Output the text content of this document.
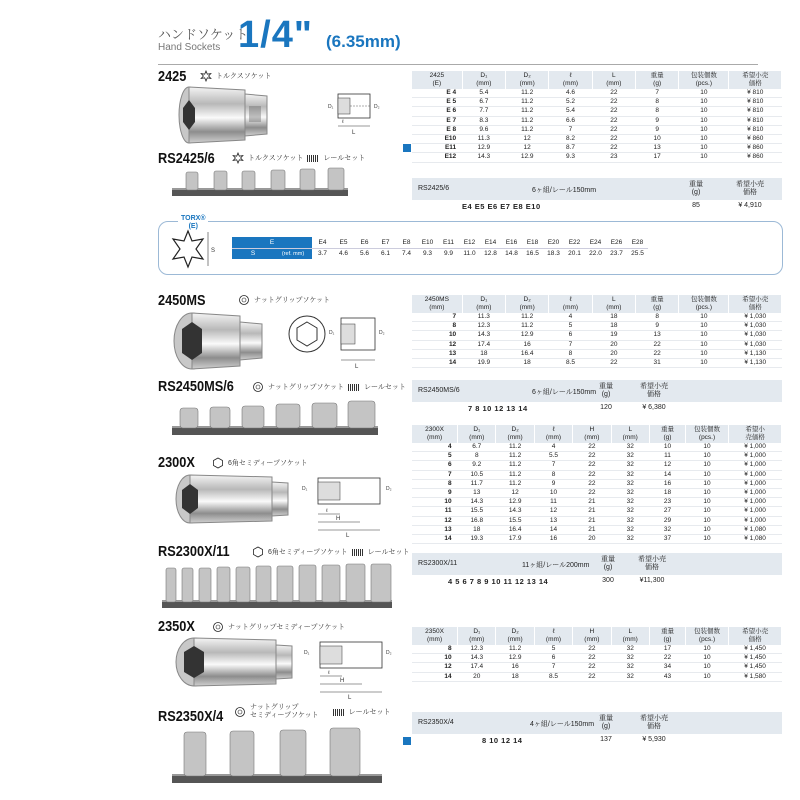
ハンドソケット
Hand Sockets 1/4" (6.35mm)
2425	トルクスソケット
L
ℓ
D₁	D₂
2425
(E)	D₁
(mm)	D₂
(mm)	ℓ
(mm)	L
(mm)	重量
(g)	包装個数
(pcs.)	希望小売
価格
E 4	5.4	11.2	4.6	22	7	10	¥ 810
E 5	6.7	11.2	5.2	22	8	10	¥ 810
E 6	7.7	11.2	5.4	22	8	10	¥ 810
E 7	8.3	11.2	6.6	22	9	10	¥ 810
E 8	9.6	11.2	7	22	9	10	¥ 810
E10	11.3	12	8.2	22	10	10	¥ 860
E11	12.9	12	8.7	22	13	10	¥ 860
E12	14.3	12.9	9.3	23	17	10	¥ 860
RS2425/6	トルクスソケット	レールセット
RS2425/6	6ヶ組/レール150mm
重量
(g)
希望小売
価格
E4 E5 E6 E7 E8 E10	85	¥ 4,910
TORX®
(E)
S
E		E4	E5	E6	E7	E8	E10	E11	E12	E14	E16	E18	E20	E22	E24	E26	E28
S	(ref. mm)	3.7	4.6	5.6	6.1	7.4	9.3	9.9	11.0	12.8	14.8	16.5	18.3	20.1	22.0	23.7	25.5
2450MS	ナットグリップソケット
L
D₂
D₁
2450MS
(mm)	D₁
(mm)	D₂
(mm)	ℓ
(mm)	L
(mm)	重量
(g)	包装個数
(pcs.)	希望小売
価格
7	11.3	11.2	4	18	8	10	¥ 1,030
8	12.3	11.2	5	18	9	10	¥ 1,030
10	14.3	12.9	6	19	13	10	¥ 1,030
12	17.4	16	7	20	22	10	¥ 1,030
13	18	16.4	8	20	22	10	¥ 1,130
14	19.9	18	8.5	22	31	10	¥ 1,130
RS2450MS/6	ナットグリップソケット	レールセット RS2450MS/6	6ヶ組/レール150mm
重量
(g)
希望小売
価格
7 8 10 12 13 14	120	¥ 6,380
2300X	6角セミディープソケット
ℓ
H
L
D₁	D₂
2300X
(mm)	D₁
(mm)	D₂
(mm)	ℓ
(mm)	H
(mm)	L
(mm)	重量
(g)	包装個数
(pcs.)	希望小
売価格
4	6.7	11.2	4	22	32	10	10	¥ 1,000
5	8	11.2	5.5	22	32	11	10	¥ 1,000
6	9.2	11.2	7	22	32	12	10	¥ 1,000
7	10.5	11.2	8	22	32	14	10	¥ 1,000
8	11.7	11.2	9	22	32	16	10	¥ 1,000
9	13	12	10	22	32	18	10	¥ 1,000
10	14.3	12.9	11	21	32	23	10	¥ 1,000
11	15.5	14.3	12	21	32	27	10	¥ 1,000
12	16.8	15.5	13	21	32	29	10	¥ 1,000
13	18	16.4	14	21	32	32	10	¥ 1,080
14	19.3	17.9	16	20	32	37	10	¥ 1,080
RS2300X/11	6角セミディープソケット	レールセット
RS2300X/11	11ヶ組/レール200mm
重量
(g)
希望小売
価格
4 5 6 7 8 9 10 11 12 13 14	300	¥11,300
2350X	ナットグリップセミディープソケット
ℓ
H
L
D₁	D₂
2350X
(mm)	D₁
(mm)	D₂
(mm)	ℓ
(mm)	H
(mm)	L
(mm)	重量
(g)	包装個数
(pcs.)	希望小売
価格
8	12.3	11.2	5	22	32	17	10	¥ 1,450
10	14.3	12.9	6	22	32	22	10	¥ 1,450
12	17.4	16	7	22	32	34	10	¥ 1,450
14	20	18	8.5	22	32	43	10	¥ 1,580
RS2350X/4
ナットグリップ
セミディープソケット	レールセット
RS2350X/4	4ヶ組/レール150mm
重量
(g)
希望小売
価格
8 10 12 14	137	¥ 5,930
